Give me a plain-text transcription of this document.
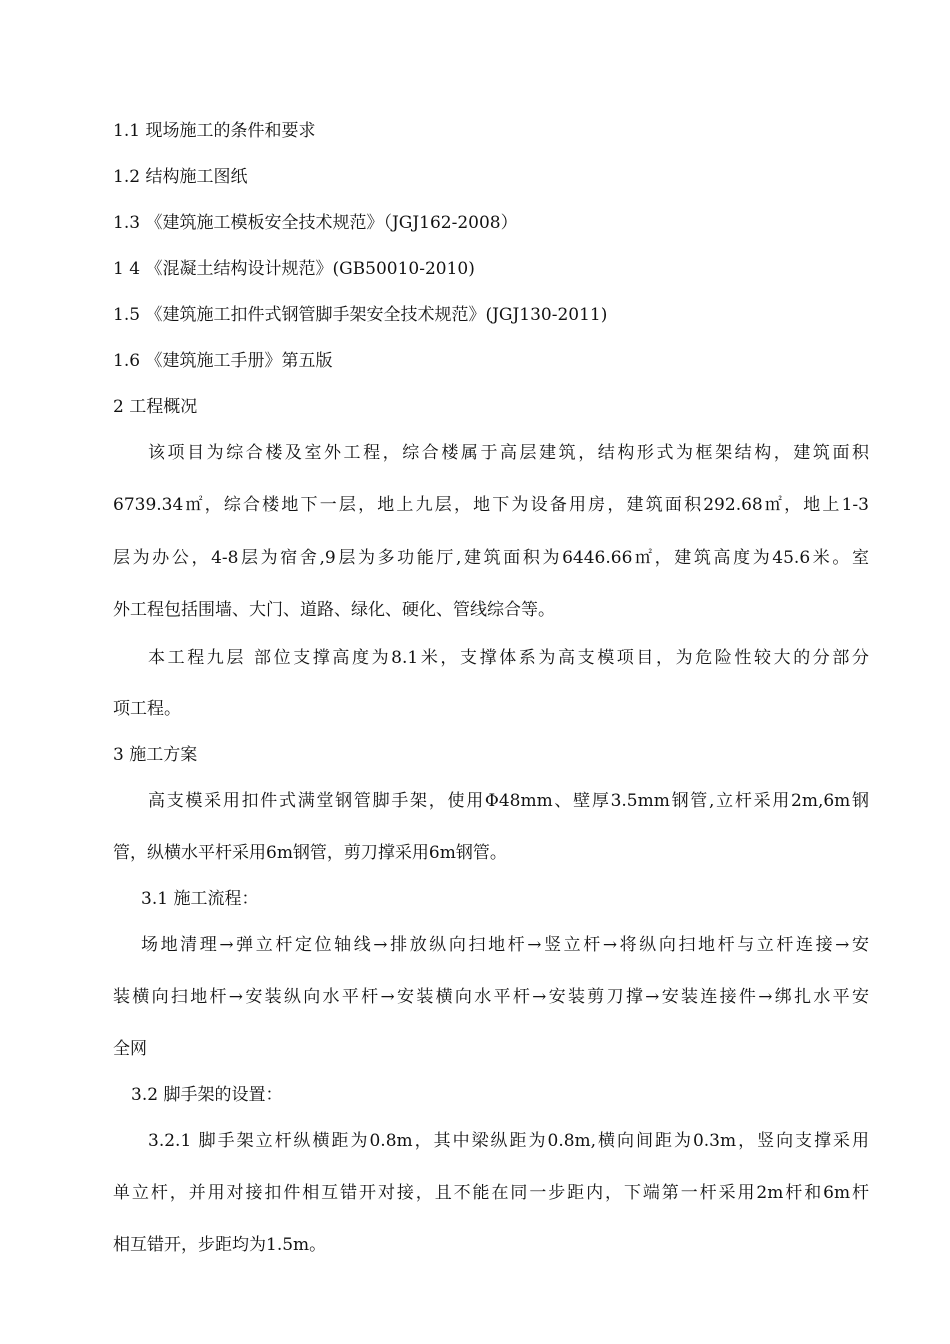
1.1 现场施工的条件和要求
1.2 结构施工图纸
1.3 《建筑施工模板安全技术规范》（JGJ162-2008）
1 4 《混凝土结构设计规范》(GB50010-2010)
1.5 《建筑施工扣件式钢管脚手架安全技术规范》(JGJ130-2011)
1.6 《建筑施工手册》第五版
2 工程概况
该项目为综合楼及室外工程，综合楼属于高层建筑，结构形式为框架结构，建筑面积
6739.34㎡，综合楼地下一层，地上九层，地下为设备用房，建筑面积292.68㎡，地上1-3
层为办公，4-8层为宿舍,9层为多功能厅,建筑面积为6446.66㎡，建筑高度为45.6米。室
外工程包括围墙、大门、道路、绿化、硬化、管线综合等。
本工程九层 部位支撑高度为8.1米，支撑体系为高支模项目，为危险性较大的分部分
项工程。
3 施工方案
高支模采用扣件式满堂钢管脚手架，使用Φ48mm、壁厚3.5mm钢管,立杆采用2m,6m钢
管，纵横水平杆采用6m钢管，剪刀撑采用6m钢管。
3.1 施工流程：
场地清理→弹立杆定位轴线→排放纵向扫地杆→竖立杆→将纵向扫地杆与立杆连接→安
装横向扫地杆→安装纵向水平杆→安装横向水平杆→安装剪刀撑→安装连接件→绑扎水平安
全网
3.2 脚手架的设置：
3.2.1 脚手架立杆纵横距为0.8m，其中梁纵距为0.8m,横向间距为0.3m，竖向支撑采用
单立杆，并用对接扣件相互错开对接，且不能在同一步距内，下端第一杆采用2m杆和6m杆
相互错开，步距均为1.5m。
